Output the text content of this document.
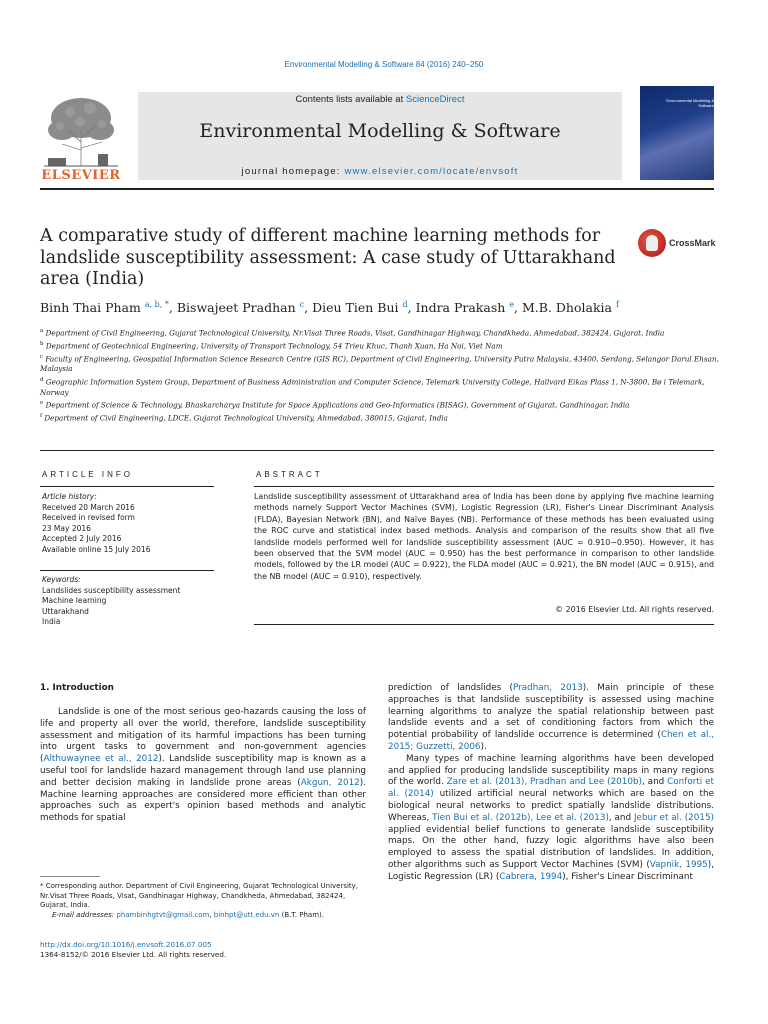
Environmental Modelling & Software 84 (2016) 240–250
ELSEVIER
Contents lists available at ScienceDirect
Environmental Modelling & Software
journal homepage: www.elsevier.com/locate/envsoft
Environmental Modelling & Software
A comparative study of different machine learning methods for landslide susceptibility assessment: A case study of Uttarakhand area (India)
CrossMark
Binh Thai Pham $^{a, b, *}$, Biswajeet Pradhan $^c$, Dieu Tien Bui $^d$, Indra Prakash $^e$, M.B. Dholakia $^f$

$^a$ Department of Civil Engineering, Gujarat Technological University, Nr.Visat Three Roads, Visat, Gandhinagar Highway, Chandkheda, Ahmedabad, 382424, Gujarat, India

$^b$ Department of Geotechnical Engineering, University of Transport Technology, 54 Trieu Khuc, Thanh Xuan, Ha Noi, Viet Nam

$^c$ Faculty of Engineering, Geospatial Information Science Research Centre (GIS RC), Department of Civil Engineering, University Putra Malaysia, 43400, Serdang, Selangor Darul Ehsan, Malaysia

$^d$ Geographic Information System Group, Department of Business Administration and Computer Science, Telemark University College, Hallvard Eikas Plass 1, N-3800, Bø i Telemark, Norway

$^e$ Department of Science & Technology, Bhaskarcharya Institute for Space Applications and Geo-Informatics (BISAG), Government of Gujarat, Gandhinagar, India

$^f$ Department of Civil Engineering, LDCE, Gujarat Technological University, Ahmedabad, 380015, Gujarat, India

ARTICLE INFO
Article history:
Received 20 March 2016
Received in revised form
23 May 2016
Accepted 2 July 2016
Available online 15 July 2016
Keywords:
Landslides susceptibility assessment
Machine learning
Uttarakhand
India
ABSTRACT
Landslide susceptibility assessment of Uttarakhand area of India has been done by applying five machine learning methods namely Support Vector Machines (SVM), Logistic Regression (LR), Fisher's Linear Discriminant Analysis (FLDA), Bayesian Network (BN), and Naïve Bayes (NB). Performance of these methods has been evaluated using the ROC curve and statistical index based methods. Analysis and comparison of the results show that all five landslide models performed well for landslide susceptibility assessment (AUC = 0.910−0.950). However, it has been observed that the SVM model (AUC = 0.950) has the best performance in comparison to other landslide models, followed by the LR model (AUC = 0.922), the FLDA model (AUC = 0.921), the BN model (AUC = 0.915), and the NB model (AUC = 0.910), respectively.
© 2016 Elsevier Ltd. All rights reserved.
1. Introduction

Landslide is one of the most serious geo-hazards causing the loss of life and property all over the world, therefore, landslide susceptibility assessment and mitigation of its harmful impactions has been turning into urgent tasks to government and non-government agencies (Althuwaynee et al., 2012). Landslide susceptibility map is known as a useful tool for landslide hazard management through land use planning and better decision making in landslide prone areas (Akgun, 2012). Machine learning approaches are considered more efficient than other approaches such as expert's opinion based methods and analytic methods for spatial

prediction of landslides (Pradhan, 2013). Main principle of these approaches is that landslide susceptibility is assessed using machine learning algorithms to analyze the spatial relationship between past landslide events and a set of conditioning factors from which the potential probability of landslide occurrence is determined (Chen et al., 2015; Guzzetti, 2006).

Many types of machine learning algorithms have been developed and applied for producing landslide susceptibility maps in many regions of the world. Zare et al. (2013), Pradhan and Lee (2010b), and Conforti et al. (2014) utilized artificial neural networks which are based on the biological neural networks to predict spatially landslide distributions. Whereas, Tien Bui et al. (2012b), Lee et al. (2013), and Jebur et al. (2015) applied evidential belief functions to generate landslide susceptibility maps. On the other hand, fuzzy logic algorithms have also been employed to assess the spatial distribution of landslides. In addition, other algorithms such as Support Vector Machines (SVM) (Vapnik, 1995), Logistic Regression (LR) (Cabrera, 1994), Fisher's Linear Discriminant

* Corresponding author. Department of Civil Engineering, Gujarat Technological University, Nr.Visat Three Roads, Visat, Gandhinagar Highway, Chandkheda, Ahmedabad, 382424, Gujarat, India.
E-mail addresses: phambinhgtvt@gmail.com, binhpt@utt.edu.vn (B.T. Pham).
http://dx.doi.org/10.1016/j.envsoft.2016.07.005
1364-8152/© 2016 Elsevier Ltd. All rights reserved.
